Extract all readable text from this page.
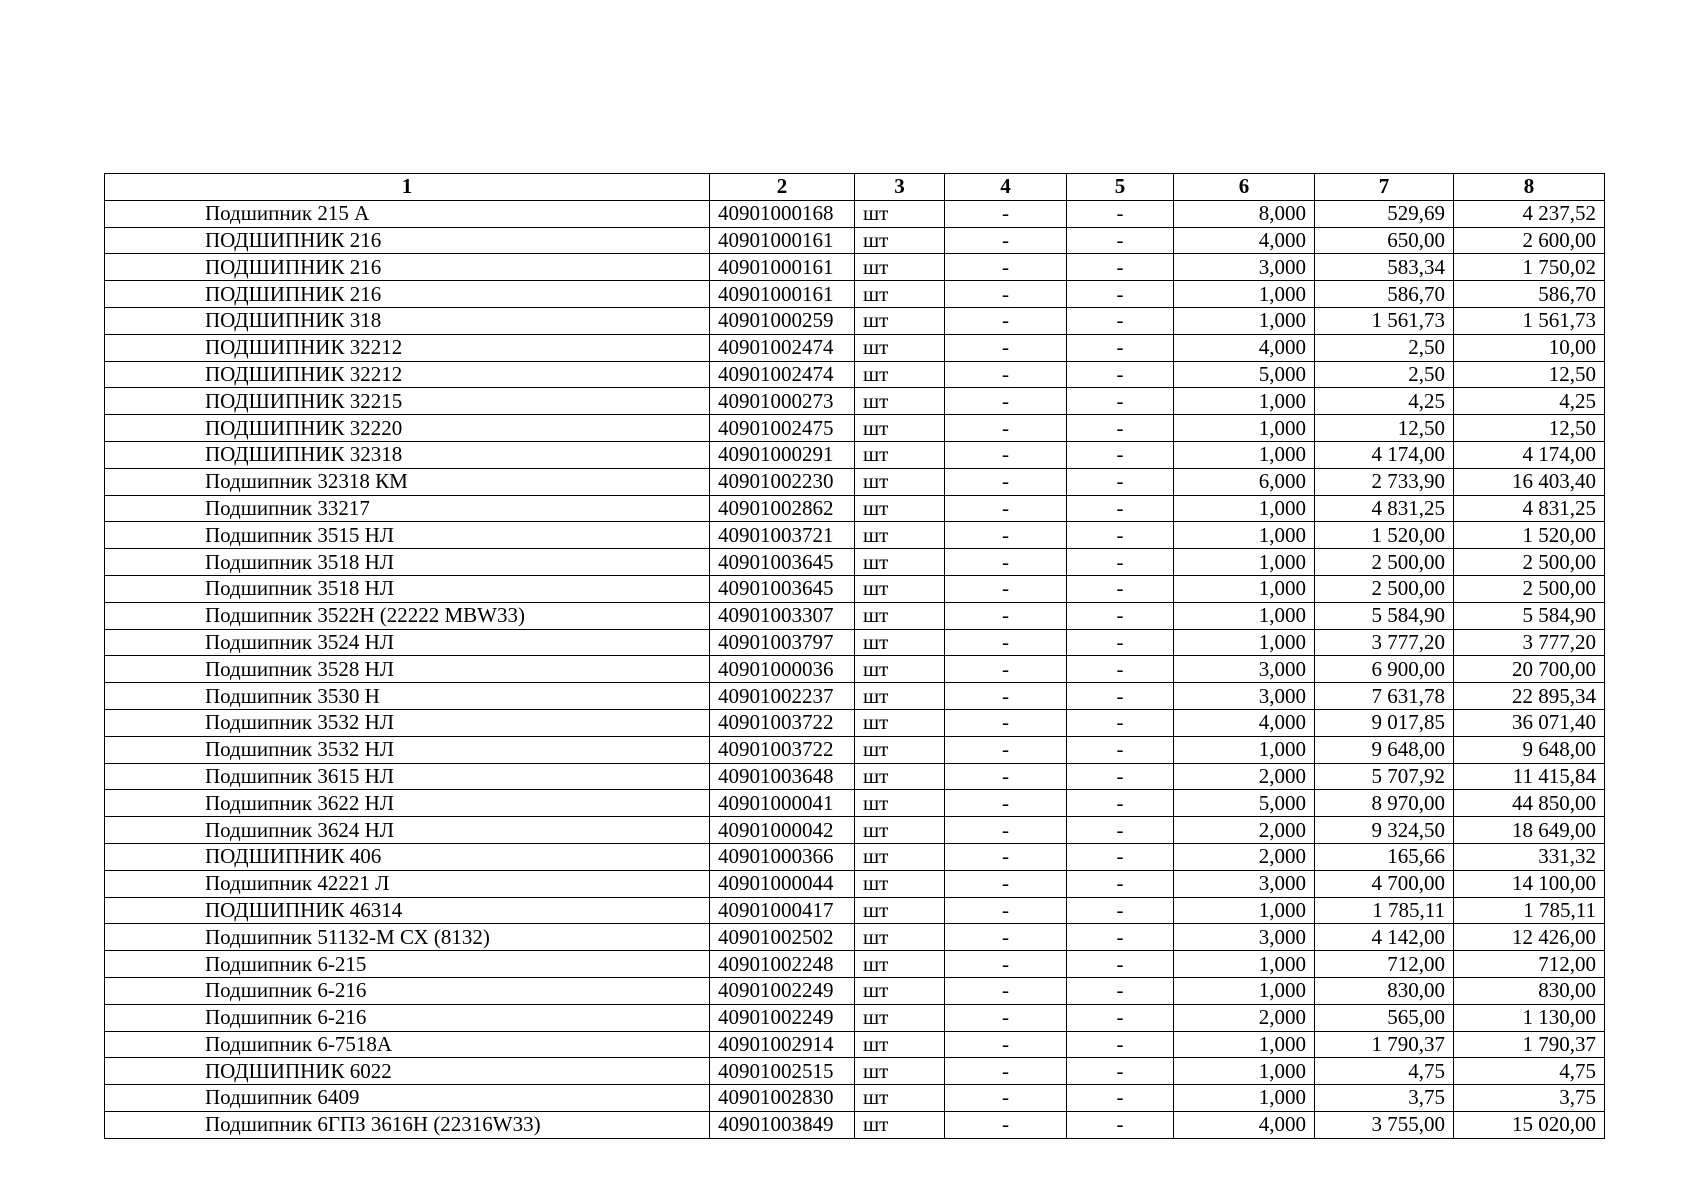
1	2	3	4	5	6	7	8
Подшипник 215 А	40901000168	шт	-	-	8,000	529,69	4 237,52
ПОДШИПНИК 216	40901000161	шт	-	-	4,000	650,00	2 600,00
ПОДШИПНИК 216	40901000161	шт	-	-	3,000	583,34	1 750,02
ПОДШИПНИК 216	40901000161	шт	-	-	1,000	586,70	586,70
ПОДШИПНИК 318	40901000259	шт	-	-	1,000	1 561,73	1 561,73
ПОДШИПНИК 32212	40901002474	шт	-	-	4,000	2,50	10,00
ПОДШИПНИК 32212	40901002474	шт	-	-	5,000	2,50	12,50
ПОДШИПНИК 32215	40901000273	шт	-	-	1,000	4,25	4,25
ПОДШИПНИК 32220	40901002475	шт	-	-	1,000	12,50	12,50
ПОДШИПНИК 32318	40901000291	шт	-	-	1,000	4 174,00	4 174,00
Подшипник 32318 КМ	40901002230	шт	-	-	6,000	2 733,90	16 403,40
Подшипник 33217	40901002862	шт	-	-	1,000	4 831,25	4 831,25
Подшипник 3515 НЛ	40901003721	шт	-	-	1,000	1 520,00	1 520,00
Подшипник 3518 НЛ	40901003645	шт	-	-	1,000	2 500,00	2 500,00
Подшипник 3518 НЛ	40901003645	шт	-	-	1,000	2 500,00	2 500,00
Подшипник 3522Н (22222 MBW33)	40901003307	шт	-	-	1,000	5 584,90	5 584,90
Подшипник 3524 НЛ	40901003797	шт	-	-	1,000	3 777,20	3 777,20
Подшипник 3528 НЛ	40901000036	шт	-	-	3,000	6 900,00	20 700,00
Подшипник 3530 Н	40901002237	шт	-	-	3,000	7 631,78	22 895,34
Подшипник 3532 НЛ	40901003722	шт	-	-	4,000	9 017,85	36 071,40
Подшипник 3532 НЛ	40901003722	шт	-	-	1,000	9 648,00	9 648,00
Подшипник 3615 НЛ	40901003648	шт	-	-	2,000	5 707,92	11 415,84
Подшипник 3622 НЛ	40901000041	шт	-	-	5,000	8 970,00	44 850,00
Подшипник 3624 НЛ	40901000042	шт	-	-	2,000	9 324,50	18 649,00
ПОДШИПНИК 406	40901000366	шт	-	-	2,000	165,66	331,32
Подшипник 42221 Л	40901000044	шт	-	-	3,000	4 700,00	14 100,00
ПОДШИПНИК 46314	40901000417	шт	-	-	1,000	1 785,11	1 785,11
Подшипник 51132-М СХ (8132)	40901002502	шт	-	-	3,000	4 142,00	12 426,00
Подшипник 6-215	40901002248	шт	-	-	1,000	712,00	712,00
Подшипник 6-216	40901002249	шт	-	-	1,000	830,00	830,00
Подшипник 6-216	40901002249	шт	-	-	2,000	565,00	1 130,00
Подшипник 6-7518А	40901002914	шт	-	-	1,000	1 790,37	1 790,37
ПОДШИПНИК 6022	40901002515	шт	-	-	1,000	4,75	4,75
Подшипник 6409	40901002830	шт	-	-	1,000	3,75	3,75
Подшипник 6ГПЗ 3616Н (22316W33)	40901003849	шт	-	-	4,000	3 755,00	15 020,00
